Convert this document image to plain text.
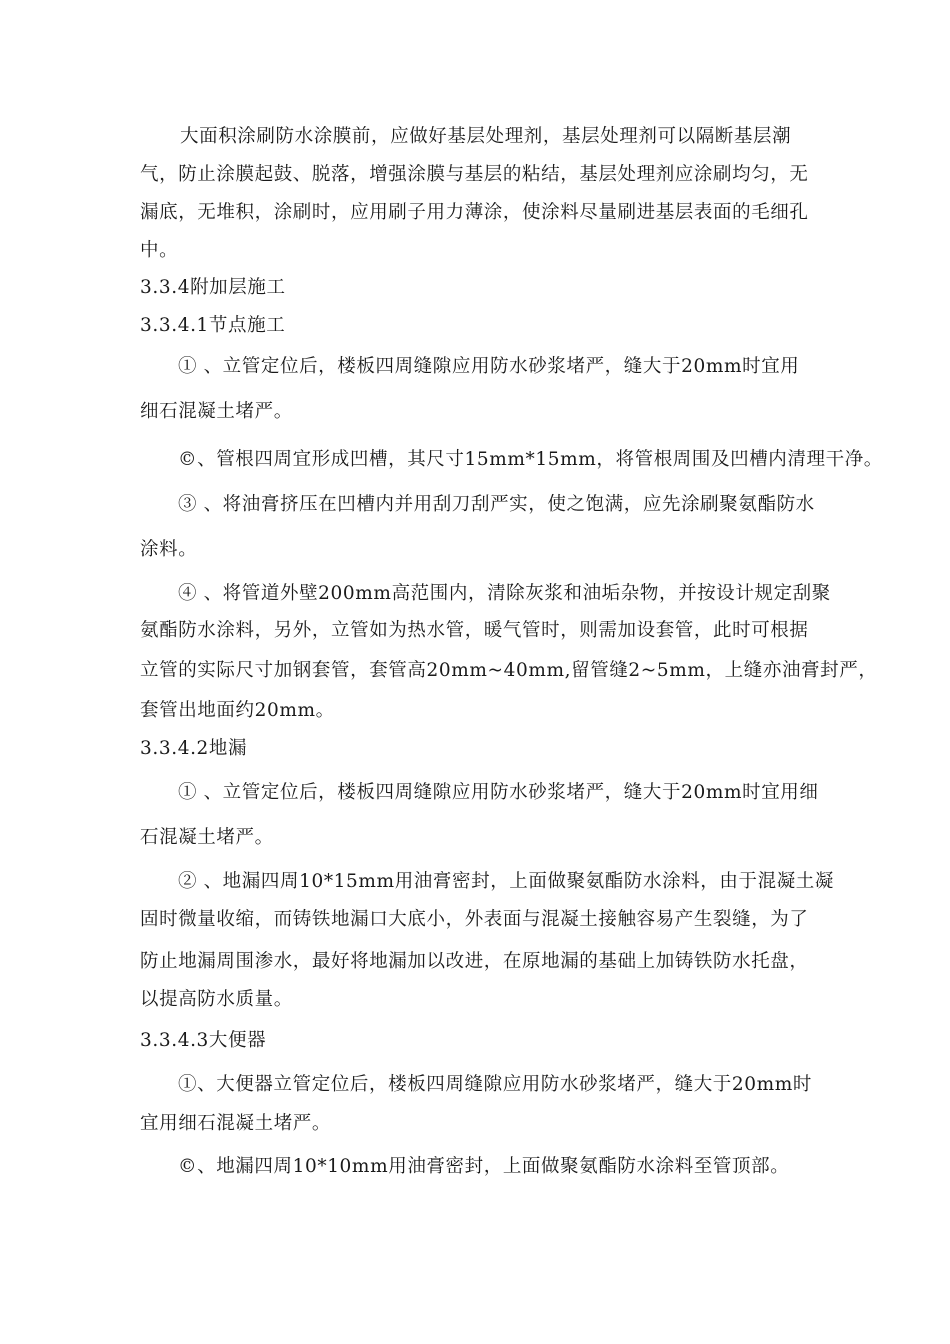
大面积涂刷防水涂膜前，应做好基层处理剂，基层处理剂可以隔断基层潮
气，防止涂膜起鼓、脱落，增强涂膜与基层的粘结，基层处理剂应涂刷均匀，无
漏底，无堆积，涂刷时，应用刷子用力薄涂，使涂料尽量刷进基层表面的毛细孔
中。
3.3.4附加层施工
3.3.4.1节点施工
① 、立管定位后，楼板四周缝隙应用防水砂浆堵严，缝大于20mm时宜用
细石混凝土堵严。
©、管根四周宜形成凹槽，其尺寸15mm*15mm，将管根周围及凹槽内清理干净。
③ 、将油膏挤压在凹槽内并用刮刀刮严实，使之饱满，应先涂刷聚氨酯防水
涂料。
④ 、将管道外壁200mm高范围内，清除灰浆和油垢杂物，并按设计规定刮聚
氨酯防水涂料，另外，立管如为热水管，暖气管时，则需加设套管，此时可根据
立管的实际尺寸加钢套管，套管高20mm~40mm,留管缝2~5mm，上缝亦油膏封严，
套管出地面约20mm。
3.3.4.2地漏
① 、立管定位后，楼板四周缝隙应用防水砂浆堵严，缝大于20mm时宜用细
石混凝土堵严。
② 、地漏四周10*15mm用油膏密封，上面做聚氨酯防水涂料，由于混凝土凝
固时微量收缩，而铸铁地漏口大底小，外表面与混凝土接触容易产生裂缝，为了
防止地漏周围渗水，最好将地漏加以改进，在原地漏的基础上加铸铁防水托盘，
以提高防水质量。
3.3.4.3大便器
①、大便器立管定位后，楼板四周缝隙应用防水砂浆堵严，缝大于20mm时
宜用细石混凝土堵严。
©、地漏四周10*10mm用油膏密封，上面做聚氨酯防水涂料至管顶部。
